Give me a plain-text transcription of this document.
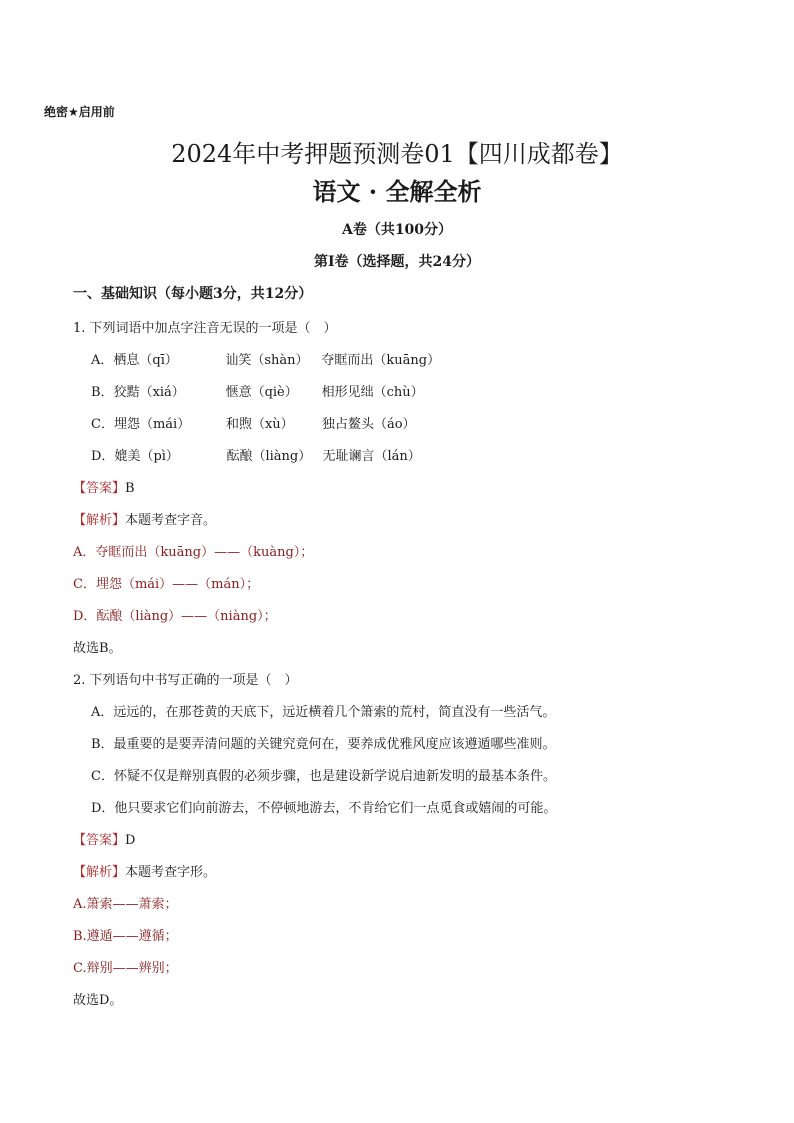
绝密★启用前
2024年中考押题预测卷01【四川成都卷】
语文 · 全解全析
A卷（共100分）
第I卷（选择题，共24分）
一、基础知识（每小题3分，共12分）
1. 下列词语中加点字注音无误的一项是（　）
A．栖息（qī）	讪笑（shàn） 夺眶而出（kuāng）
B．狡黠（xiá）	惬意（qiè） 相形见绌（chù）
C．埋怨（mái）	和煦（xù） 独占鳌头（áo）
D．媲美（pì）	酝酿（liàng） 无耻谰言（lán）
【答案】B
【解析】本题考查字音。
A．夺眶而出（kuāng）——（kuàng）；
C．埋怨（mái）——（mán）；
D．酝酿（liàng）——（niàng）；
故选B。
2. 下列语句中书写正确的一项是（　）
A．远远的，在那苍黄的天底下，远近横着几个箫索的荒村，简直没有一些活气。
B．最重要的是要弄清问题的关键究竟何在，要养成优雅风度应该遵遁哪些准则。
C．怀疑不仅是辩别真假的必须步骤，也是建设新学说启迪新发明的最基本条件。
D．他只要求它们向前游去，不停顿地游去，不肯给它们一点觅食或嬉闹的可能。
【答案】D
【解析】本题考查字形。
A.箫索——萧索；
B.遵遁——遵循；
C.辩别——辨别；
故选D。
